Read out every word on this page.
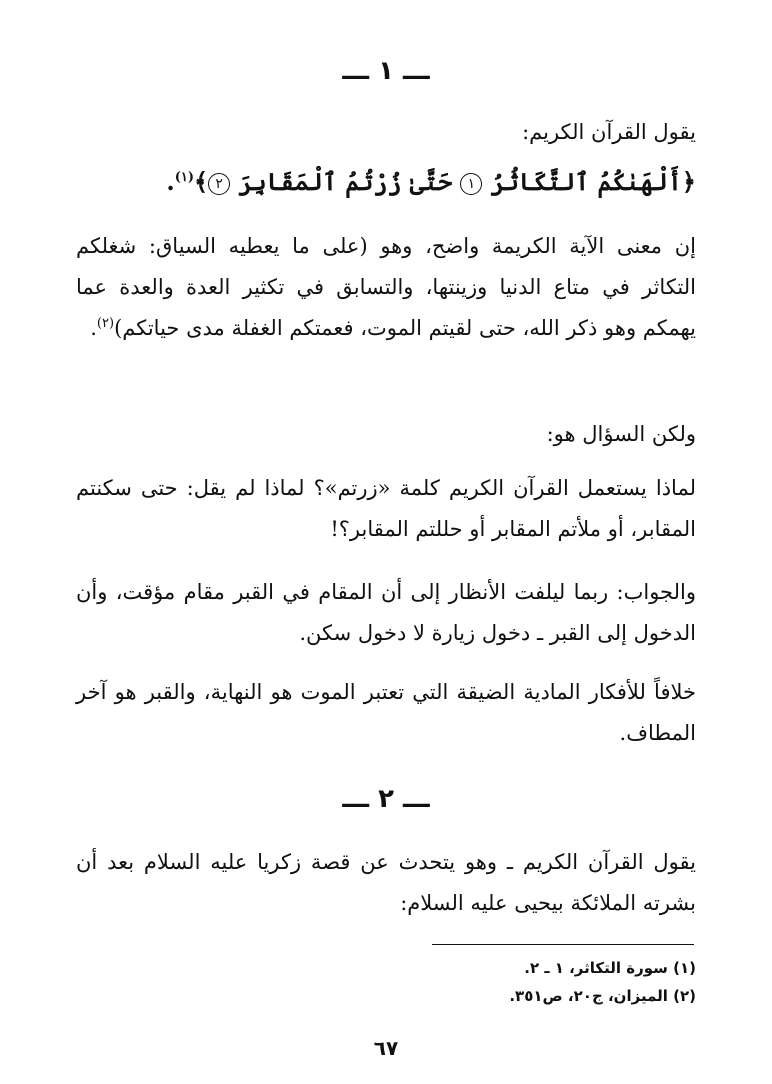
ـــ ١ ـــ

يقول القرآن الكريم:

﴿أَلْهَىٰكُمُ ٱلتَّكَاثُرُ ١ حَتَّىٰ زُرْتُمُ ٱلْمَقَابِرَ ٢﴾$^{(١)}$.

إن معنى الآية الكريمة واضح، وهو (على ما يعطيه السياق: شغلكم التكاثر في متاع الدنيا وزينتها، والتسابق في تكثير العدة والعدة عما يهمكم وهو ذكر الله، حتى لقيتم الموت، فعمتكم الغفلة مدى حياتكم)$^{(٢)}$.

ولكن السؤال هو:

لماذا يستعمل القرآن الكريم كلمة «زرتم»؟ لماذا لم يقل: حتى سكنتم المقابر، أو ملأتم المقابر أو حللتم المقابر؟!

والجواب: ربما ليلفت الأنظار إلى أن المقام في القبر مقام مؤقت، وأن الدخول إلى القبر ـ دخول زيارة لا دخول سكن.

خلافاً للأفكار المادية الضيقة التي تعتبر الموت هو النهاية، والقبر هو آخر المطاف.

ـــ ٢ ـــ

يقول القرآن الكريم ـ وهو يتحدث عن قصة زكريا عليه السلام بعد أن بشرته الملائكة بيحيى عليه السلام:

(١) سورة التكاثر، ١ ـ ٢.

(٢) الميزان، ج٢٠، ص٣٥١.

٦٧
